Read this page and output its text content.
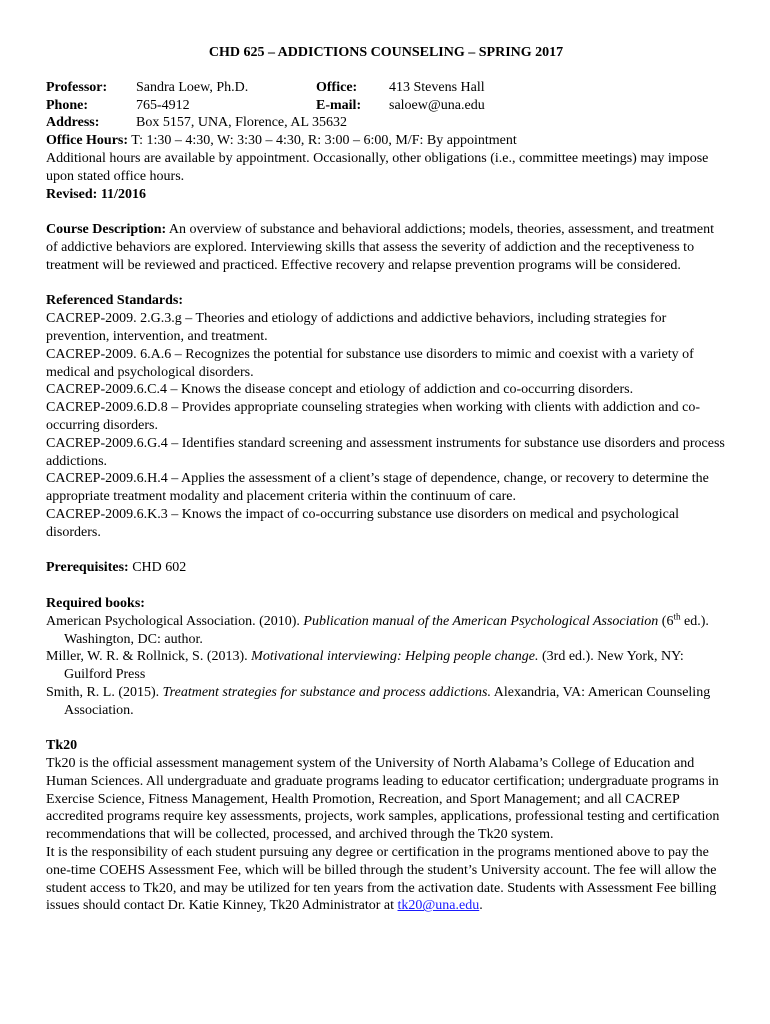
CHD 625 – ADDICTIONS COUNSELING – SPRING 2017

Professor: Sandra Loew, Ph.D.	Office: 413 Stevens Hall
Phone:	765-4912	E-mail: saloew@una.edu
Address:	Box 5157, UNA, Florence, AL 35632

Office Hours: T: 1:30 – 4:30, W: 3:30 – 4:30, R: 3:00 – 6:00, M/F: By appointment

Additional hours are available by appointment. Occasionally, other obligations (i.e., committee meetings) may impose upon stated office hours.

Revised: 11/2016

Course Description: An overview of substance and behavioral addictions; models, theories, assessment, and treatment of addictive behaviors are explored. Interviewing skills that assess the severity of addiction and the receptiveness to treatment will be reviewed and practiced. Effective recovery and relapse prevention programs will be considered.

Referenced Standards:

CACREP-2009. 2.G.3.g – Theories and etiology of addictions and addictive behaviors, including strategies for prevention, intervention, and treatment.

CACREP-2009. 6.A.6 – Recognizes the potential for substance use disorders to mimic and coexist with a variety of medical and psychological disorders.

CACREP-2009.6.C.4 – Knows the disease concept and etiology of addiction and co-occurring disorders.

CACREP-2009.6.D.8 – Provides appropriate counseling strategies when working with clients with addiction and co-occurring disorders.

CACREP-2009.6.G.4 – Identifies standard screening and assessment instruments for substance use disorders and process addictions.

CACREP-2009.6.H.4 – Applies the assessment of a client’s stage of dependence, change, or recovery to determine the appropriate treatment modality and placement criteria within the continuum of care.

CACREP-2009.6.K.3 – Knows the impact of co-occurring substance use disorders on medical and psychological disorders.

Prerequisites: CHD 602

Required books:

American Psychological Association. (2010). Publication manual of the American Psychological Association (6th ed.). Washington, DC: author.

Miller, W. R. & Rollnick, S. (2013). Motivational interviewing: Helping people change. (3rd ed.). New York, NY: Guilford Press

Smith, R. L. (2015). Treatment strategies for substance and process addictions. Alexandria, VA: American Counseling Association.

Tk20

Tk20 is the official assessment management system of the University of North Alabama’s College of Education and Human Sciences. All undergraduate and graduate programs leading to educator certification; undergraduate programs in Exercise Science, Fitness Management, Health Promotion, Recreation, and Sport Management; and all CACREP accredited programs require key assessments, projects, work samples, applications, professional testing and certification recommendations that will be collected, processed, and archived through the Tk20 system.

It is the responsibility of each student pursuing any degree or certification in the programs mentioned above to pay the one-time COEHS Assessment Fee, which will be billed through the student’s University account. The fee will allow the student access to Tk20, and may be utilized for ten years from the activation date. Students with Assessment Fee billing issues should contact Dr. Katie Kinney, Tk20 Administrator at tk20@una.edu.
